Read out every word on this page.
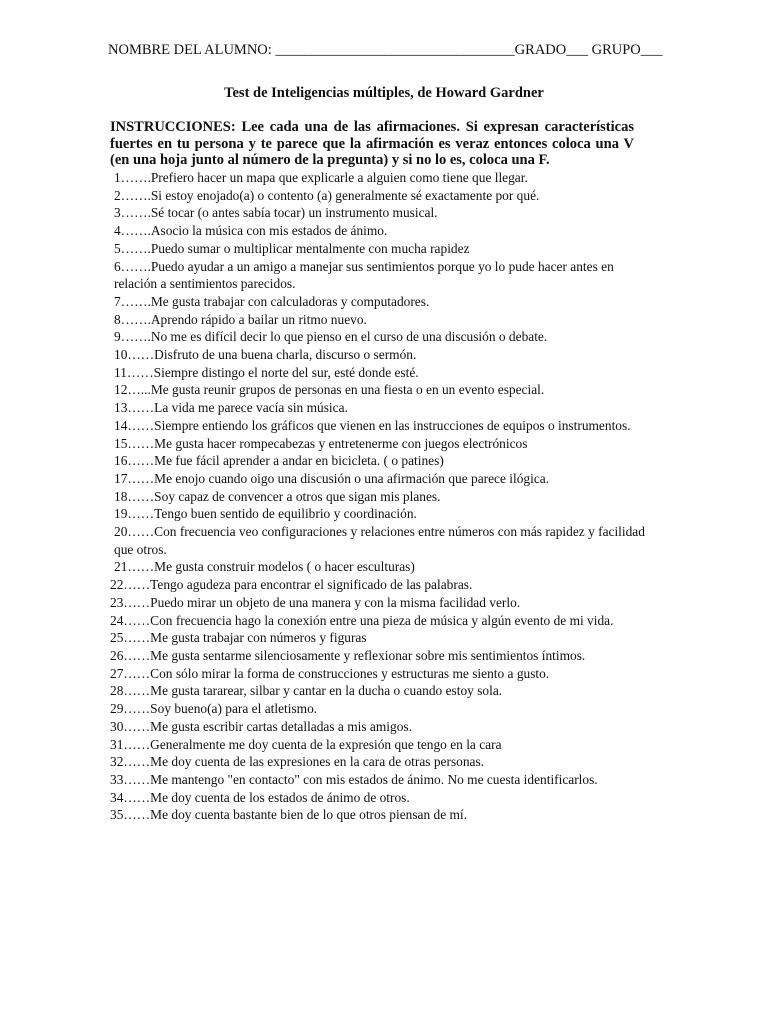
NOMBRE DEL ALUMNO: _________________________________GRADO___ GRUPO___
Test de Inteligencias múltiples, de Howard Gardner
INSTRUCCIONES: Lee cada una de las afirmaciones. Si expresan características fuertes en tu persona y te parece que la afirmación es veraz entonces coloca una V (en una hoja junto al número de la pregunta) y si no lo es, coloca una F.
1…….Prefiero hacer un mapa que explicarle a alguien como tiene que llegar.
2…….Si estoy enojado(a) o contento (a) generalmente sé exactamente por qué.
3…….Sé tocar (o antes sabía tocar) un instrumento musical.
4…….Asocio la música con mis estados de ánimo.
5…….Puedo sumar o multiplicar mentalmente con mucha rapidez
6…….Puedo ayudar a un amigo a manejar sus sentimientos porque yo lo pude hacer antes en relación a sentimientos parecidos.
7…….Me gusta trabajar con calculadoras y computadores.
8…….Aprendo rápido a bailar un ritmo nuevo.
9…….No me es difícil decir lo que pienso en el curso de una discusión o debate.
10……Disfruto de una buena charla, discurso o sermón.
11……Siempre distingo el norte del sur, esté donde esté.
12…...Me gusta reunir grupos de personas en una fiesta o en un evento especial.
13……La vida me parece vacía sin música.
14……Siempre entiendo los gráficos que vienen en las instrucciones de equipos o instrumentos.
15……Me gusta hacer rompecabezas y entretenerme con juegos electrónicos
16……Me fue fácil aprender a andar en bicicleta. ( o patines)
17……Me enojo cuando oigo una discusión o una afirmación que parece ilógica.
18……Soy capaz de convencer a otros que sigan mis planes.
19……Tengo buen sentido de equilibrio y coordinación.
20……Con frecuencia veo configuraciones y relaciones entre números con más rapidez y facilidad que otros.
21……Me gusta construir modelos ( o hacer esculturas)
22……Tengo agudeza para encontrar el significado de las palabras.
23……Puedo mirar un objeto de una manera y con la misma facilidad verlo.
24……Con frecuencia hago la conexión entre una pieza de música y algún evento de mi vida.
25……Me gusta trabajar con números y figuras
26……Me gusta sentarme silenciosamente y reflexionar sobre mis sentimientos íntimos.
27……Con sólo mirar la forma de construcciones y estructuras me siento a gusto.
28……Me gusta tararear, silbar y cantar en la ducha o cuando estoy sola.
29……Soy bueno(a) para el atletismo.
30……Me gusta escribir cartas detalladas a mis amigos.
31……Generalmente me doy cuenta de la expresión que tengo en la cara
32……Me doy cuenta de las expresiones en la cara de otras personas.
33……Me mantengo "en contacto" con mis estados de ánimo. No me cuesta identificarlos.
34……Me doy cuenta de los estados de ánimo de otros.
35……Me doy cuenta bastante bien de lo que otros piensan de mí.
